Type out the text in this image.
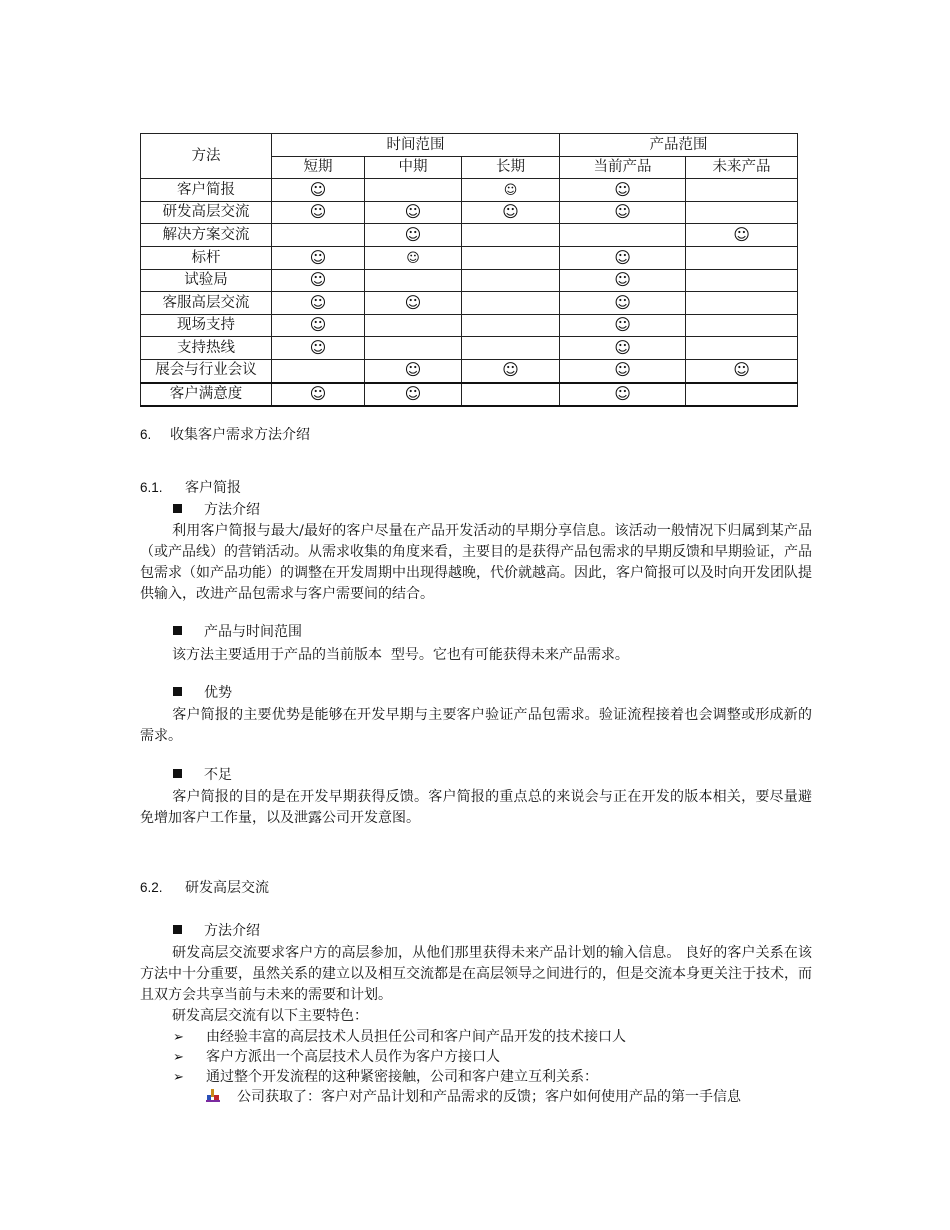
方法	时间范围			产品范围	
	短期	中期	长期	当前产品	未来产品
客户简报	☺		☺	☺	
研发高层交流	☺	☺	☺	☺	
解决方案交流		☺			☺
标杆	☺	☺		☺	
试验局	☺			☺	
客服高层交流	☺	☺		☺	
现场支持	☺			☺	
支持热线	☺			☺	
展会与行业会议		☺	☺	☺	☺
客户满意度	☺	☺		☺	
6. 收集客户需求方法介绍
6.1. 客户简报
方法介绍
利用客户简报与最大/最好的客户尽量在产品开发活动的早期分享信息。该活动一般情况下归属到某产品（或产品线）的营销活动。从需求收集的角度来看，主要目的是获得产品包需求的早期反馈和早期验证，产品包需求（如产品功能）的调整在开发周期中出现得越晚，代价就越高。因此，客户简报可以及时向开发团队提供输入，改进产品包需求与客户需要间的结合。
产品与时间范围
该方法主要适用于产品的当前版本  型号。它也有可能获得未来产品需求。
优势
客户简报的主要优势是能够在开发早期与主要客户验证产品包需求。验证流程接着也会调整或形成新的需求。
不足
客户简报的目的是在开发早期获得反馈。客户简报的重点总的来说会与正在开发的版本相关，要尽量避免增加客户工作量，以及泄露公司开发意图。
6.2. 研发高层交流
方法介绍
研发高层交流要求客户方的高层参加，从他们那里获得未来产品计划的输入信息。 良好的客户关系在该方法中十分重要，虽然关系的建立以及相互交流都是在高层领导之间进行的，但是交流本身更关注于技术，而且双方会共享当前与未来的需要和计划。
研发高层交流有以下主要特色：
➢ 由经验丰富的高层技术人员担任公司和客户间产品开发的技术接口人
➢ 客户方派出一个高层技术人员作为客户方接口人
➢ 通过整个开发流程的这种紧密接触，公司和客户建立互利关系：
公司获取了：客户对产品计划和产品需求的反馈；客户如何使用产品的第一手信息
